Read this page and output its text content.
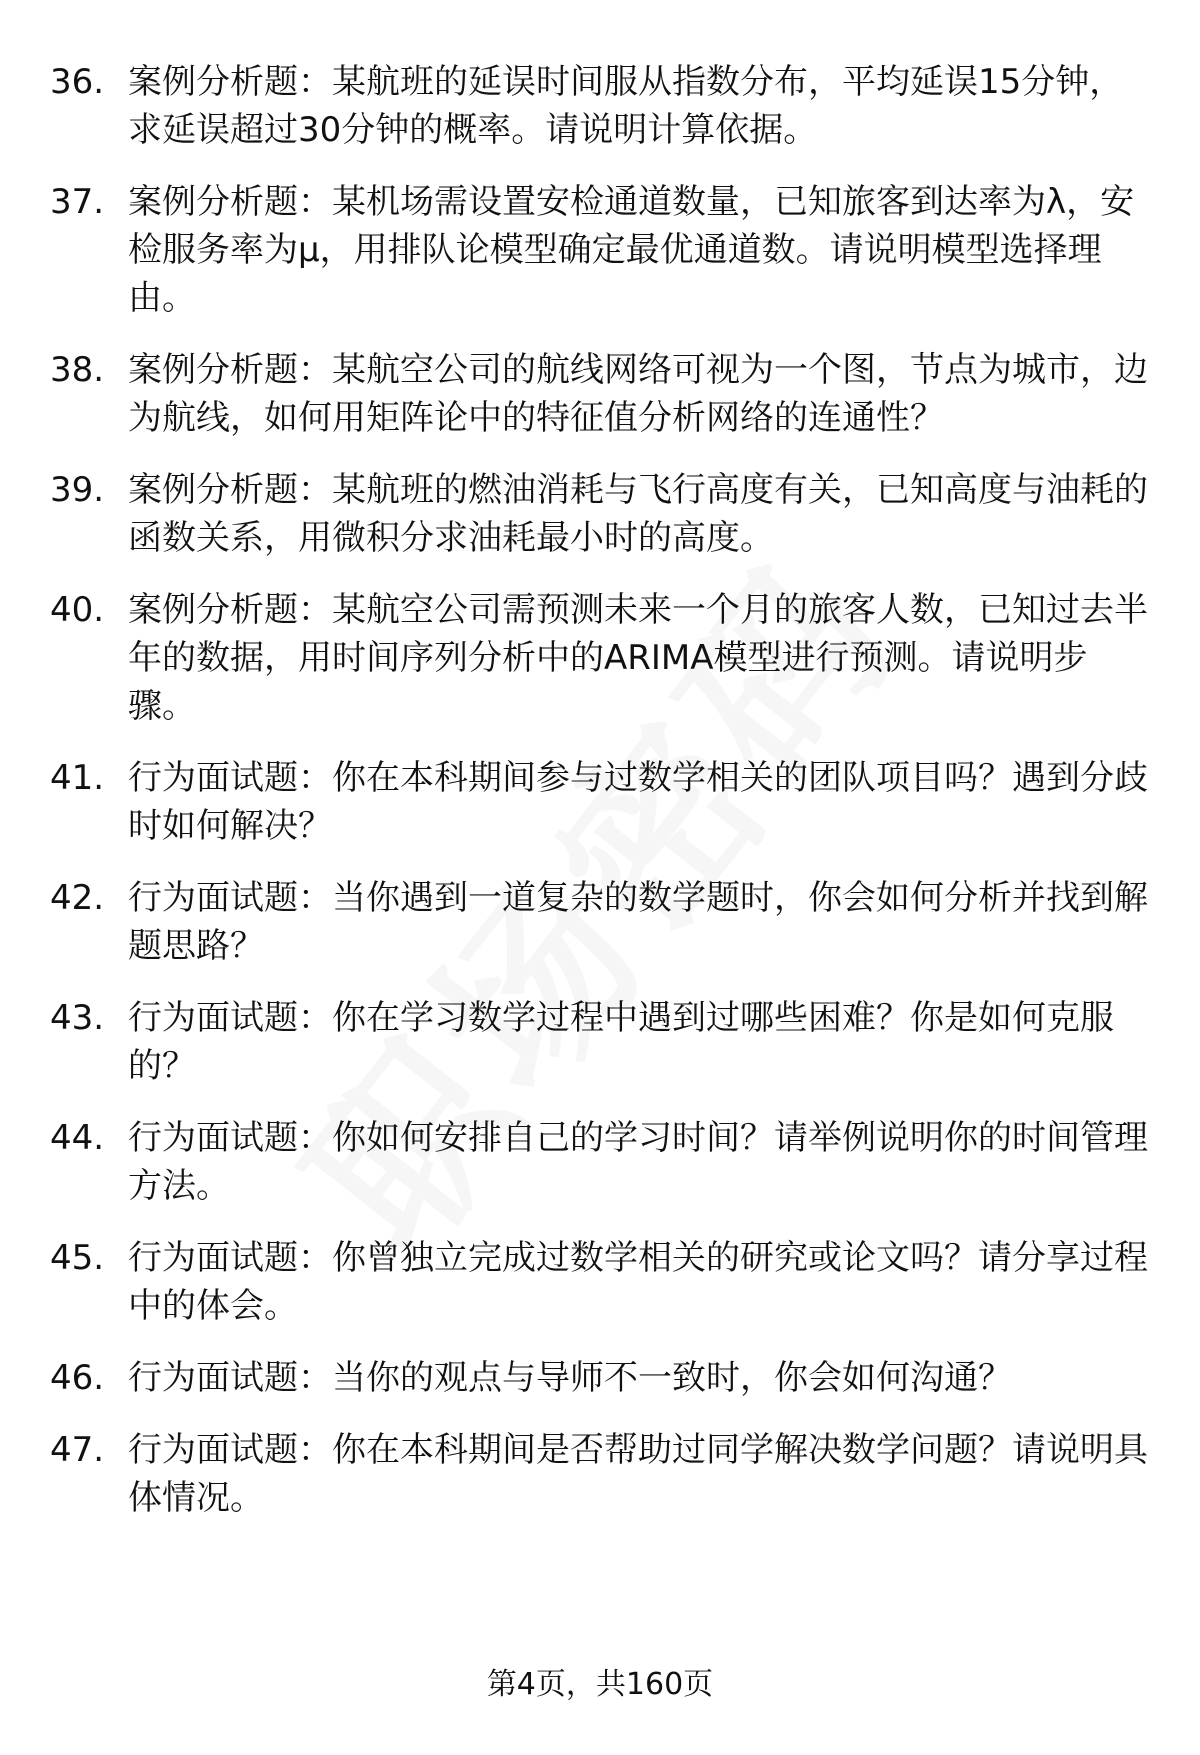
36. 案例分析题：某航班的延误时间服从指数分布，平均延误15分钟，求延误超过30分钟的概率。请说明计算依据。
37. 案例分析题：某机场需设置安检通道数量，已知旅客到达率为λ，安检服务率为μ，用排队论模型确定最优通道数。请说明模型选择理由。
38. 案例分析题：某航空公司的航线网络可视为一个图，节点为城市，边为航线，如何用矩阵论中的特征值分析网络的连通性？
39. 案例分析题：某航班的燃油消耗与飞行高度有关，已知高度与油耗的函数关系，用微积分求油耗最小时的高度。
40. 案例分析题：某航空公司需预测未来一个月的旅客人数，已知过去半年的数据，用时间序列分析中的ARIMA模型进行预测。请说明步骤。
41. 行为面试题：你在本科期间参与过数学相关的团队项目吗？遇到分歧时如何解决？
42. 行为面试题：当你遇到一道复杂的数学题时，你会如何分析并找到解题思路？
43. 行为面试题：你在学习数学过程中遇到过哪些困难？你是如何克服的？
44. 行为面试题：你如何安排自己的学习时间？请举例说明你的时间管理方法。
45. 行为面试题：你曾独立完成过数学相关的研究或论文吗？请分享过程中的体会。
46. 行为面试题：当你的观点与导师不一致时，你会如何沟通？
47. 行为面试题：你在本科期间是否帮助过同学解决数学问题？请说明具体情况。
第4页，共160页
